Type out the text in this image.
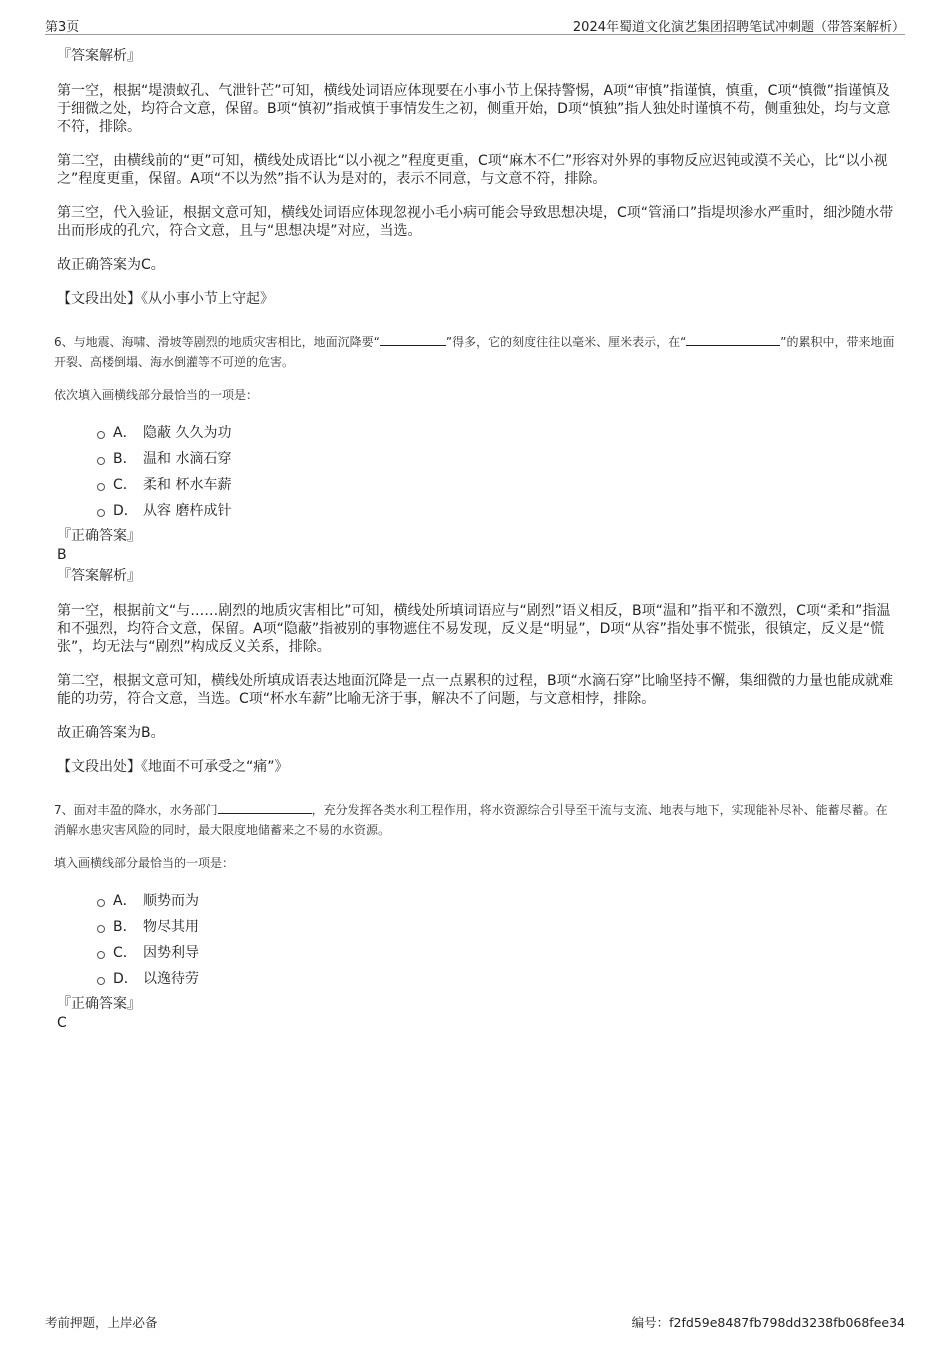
第3页	2024年蜀道文化演艺集团招聘笔试冲刺题（带答案解析）

『答案解析』

第一空，根据“堤溃蚁孔、气泄针芒”可知，横线处词语应体现要在小事小节上保持警惕，A项“审慎”指谨慎，慎重，C项“慎微”指谨慎及于细微之处，均符合文意，保留。B项“慎初”指戒慎于事情发生之初，侧重开始，D项“慎独”指人独处时谨慎不苟，侧重独处，均与文意不符，排除。

第二空，由横线前的“更”可知，横线处成语比“以小视之”程度更重，C项“麻木不仁”形容对外界的事物反应迟钝或漠不关心，比“以小视之”程度更重，保留。A项“不以为然”指不认为是对的，表示不同意，与文意不符，排除。

第三空，代入验证，根据文意可知，横线处词语应体现忽视小毛小病可能会导致思想决堤，C项“管涌口”指堤坝渗水严重时，细沙随水带出而形成的孔穴，符合文意，且与“思想决堤”对应，当选。

故正确答案为C。

【文段出处】《从小事小节上守起》

6、与地震、海啸、滑坡等剧烈的地质灾害相比，地面沉降要“	”得多，它的刻度往往以毫米、厘米表示，在“	”的累积中，带来地面开裂、高楼倒塌、海水倒灌等不可逆的危害。

依次填入画横线部分最恰当的一项是：

A． 隐蔽 久久为功
B． 温和 水滴石穿
C． 柔和 杯水车薪
D． 从容 磨杵成针

『正确答案』

B

『答案解析』

第一空，根据前文“与……剧烈的地质灾害相比”可知，横线处所填词语应与“剧烈”语义相反，B项“温和”指平和不激烈，C项“柔和”指温和不强烈，均符合文意，保留。A项“隐蔽”指被别的事物遮住不易发现，反义是“明显”，D项“从容”指处事不慌张，很镇定，反义是“慌张”，均无法与“剧烈”构成反义关系，排除。

第二空，根据文意可知，横线处所填成语表达地面沉降是一点一点累积的过程，B项“水滴石穿”比喻坚持不懈，集细微的力量也能成就难能的功劳，符合文意，当选。C项“杯水车薪”比喻无济于事，解决不了问题，与文意相悖，排除。

故正确答案为B。

【文段出处】《地面不可承受之“痛”》

7、面对丰盈的降水，水务部门	，充分发挥各类水利工程作用，将水资源综合引导至干流与支流、地表与地下，实现能补尽补、能蓄尽蓄。在消解水患灾害风险的同时，最大限度地储蓄来之不易的水资源。

填入画横线部分最恰当的一项是：

A． 顺势而为
B． 物尽其用
C． 因势利导
D． 以逸待劳

『正确答案』

C

考前押题，上岸必备	编号：f2fd59e8487fb798dd3238fb068fee34
